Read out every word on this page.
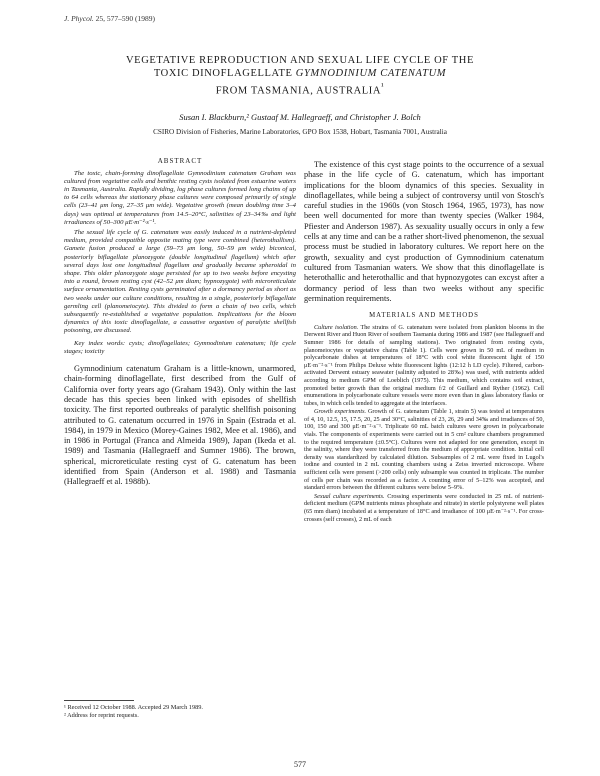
J. Phycol. 25, 577–590 (1989)
VEGETATIVE REPRODUCTION AND SEXUAL LIFE CYCLE OF THE
TOXIC DINOFLAGELLATE GYMNODINIUM CATENATUM
FROM TASMANIA, $AUSTRALIA^{^1}$
Susan I. Blackburn,² Gustaaf M. Hallegraeff, and Christopher J. Bolch
CSIRO Division of Fisheries, Marine Laboratories, GPO Box 1538, Hobart, Tasmania 7001, Australia
ABSTRACT

The toxic, chain-forming dinoflagellate Gymnodinium catenatum Graham was cultured from vegetative cells and benthic resting cysts isolated from estuarine waters in Tasmania, Australia. Rapidly dividing, log phase cultures formed long chains of up to 64 cells whereas the stationary phase cultures were composed primarily of single cells (23–41 μm long, 27–35 μm wide). Vegetative growth (mean doubling time 3–4 days) was optimal at temperatures from 14.5–20°C, salinities of 23–34‰ and light irradiances of 50–300 μE·m⁻²·s⁻¹.

The sexual life cycle of G. catenatum was easily induced in a nutrient-depleted medium, provided compatible opposite mating type were combined (heterothallism). Gamete fusion produced a large (59–73 μm long, 50–59 μm wide) biconical, posteriorly biflagellate planozygote (double longitudinal flagellum) which after several days lost one longitudinal flagellum and gradually became spheroidal in shape. This older planozygote stage persisted for up to two weeks before encysting into a round, brown resting cyst (42–52 μm diam; hypnozygote) with microreticulate surface ornamentation. Resting cysts germinated after a dormancy period as short as two weeks under our culture conditions, resulting in a single, posteriorly biflagellate germling cell (planomeiocyte). This divided to form a chain of two cells, which subsequently re-established a vegetative population. Implications for the bloom dynamics of this toxic dinoflagellate, a causative organism of paralytic shellfish poisoning, are discussed.

Key index words: cysts; dinoflagellates; Gymnodinium catenatum; life cycle stages; toxicity

Gymnodinium catenatum Graham is a little-known, unarmored, chain-forming dinoflagellate, first described from the Gulf of California over forty years ago (Graham 1943). Only within the last decade has this species been linked with episodes of shellfish toxicity. The first reported outbreaks of paralytic shellfish poisoning attributed to G. catenatum occurred in 1976 in Spain (Estrada et al. 1984), in 1979 in Mexico (Morey-Gaines 1982, Mee et al. 1986), and in 1986 in Portugal (Franca and Almeida 1989), Japan (Ikeda et al. 1989) and Tasmania (Hallegraeff and Sumner 1986). The brown, spherical, microreticulate resting cyst of G. catenatum has been identified from Spain (Anderson et al. 1988) and Tasmania (Hallegraeff et al. 1988b).

The existence of this cyst stage points to the occurrence of a sexual phase in the life cycle of G. catenatum, which has important implications for the bloom dynamics of this species. Sexuality in dinoflagellates, while being a subject of controversy until von Stosch's careful studies in the 1960s (von Stosch 1964, 1965, 1973), has now been well documented for more than twenty species (Walker 1984, Pfiester and Anderson 1987). As sexuality usually occurs in only a few cells at any time and can be a rather short-lived phenomenon, the sexual process must be studied in laboratory cultures. We report here on the growth, sexuality and cyst production of Gymnodinium catenatum cultured from Tasmanian waters. We show that this dinoflagellate is heterothallic and heterothallic and that hypnozygotes can excyst after a dormancy period of less than two weeks without any specific germination requirements.

MATERIALS AND METHODS

Culture isolation. The strains of G. catenatum were isolated from plankton blooms in the Derwent River and Huon River of southern Tasmania during 1986 and 1987 (see Hallegraeff and Sumner 1986 for details of sampling stations). Two originated from resting cysts, planomeiocytes or vegetative chains (Table 1). Cells were grown in 50 mL of medium in polycarbonate dishes at temperatures of 18°C with cool white fluorescent light of 150 μE·m⁻²·s⁻¹ from Philips Deluxe white fluorescent lights (12:12 h LD cycle). Filtered, carbon-activated Derwent estuary seawater (salinity adjusted to 28‰) was used, with nutrients added according to medium GPM of Loeblich (1975). This medium, which contains soil extract, promoted better growth than the original medium f/2 of Guillard and Ryther (1962). Cell enumerations in polycarbonate culture vessels were more even than in glass laboratory flasks or tubes, in which cells tended to aggregate at the interfaces.

Growth experiments. Growth of G. catenatum (Table 1, strain 5) was tested at temperatures of 4, 10, 12.5, 15, 17.5, 20, 25 and 30°C, salinities of 23, 26, 29 and 34‰ and irradiances of 50, 100, 150 and 300 μE·m⁻²·s⁻¹. Triplicate 60 mL batch cultures were grown in polycarbonate vials. The components of experiments were carried out in 5 cm² culture chambers programmed to the required temperature (±0.5°C). Cultures were not adapted for one generation, except in the salinity, where they were transferred from the medium of appropriate condition. Initial cell density was standardized by calculated dilution. Subsamples of 2 mL were fixed in Lugol's iodine and counted in 2 mL counting chambers using a Zeiss inverted microscope. Where sufficient cells were present (>200 cells) only subsample was counted in triplicate. The number of cells per chain was recorded as a factor. A counting error of 5–12% was accepted, and standard errors between the different cultures were below 5–9%.

Sexual culture experiments. Crossing experiments were conducted in 25 mL of nutrient-deficient medium (GPM nutrients minus phosphate and nitrate) in sterile polystyrene well plates (65 mm diam) incubated at a temperature of 18°C and irradiance of 100 μE·m⁻²·s⁻¹. For cross-crosses (self crosses), 2 mL of each

¹ Received 12 October 1988. Accepted 29 March 1989.
² Address for reprint requests.
577
